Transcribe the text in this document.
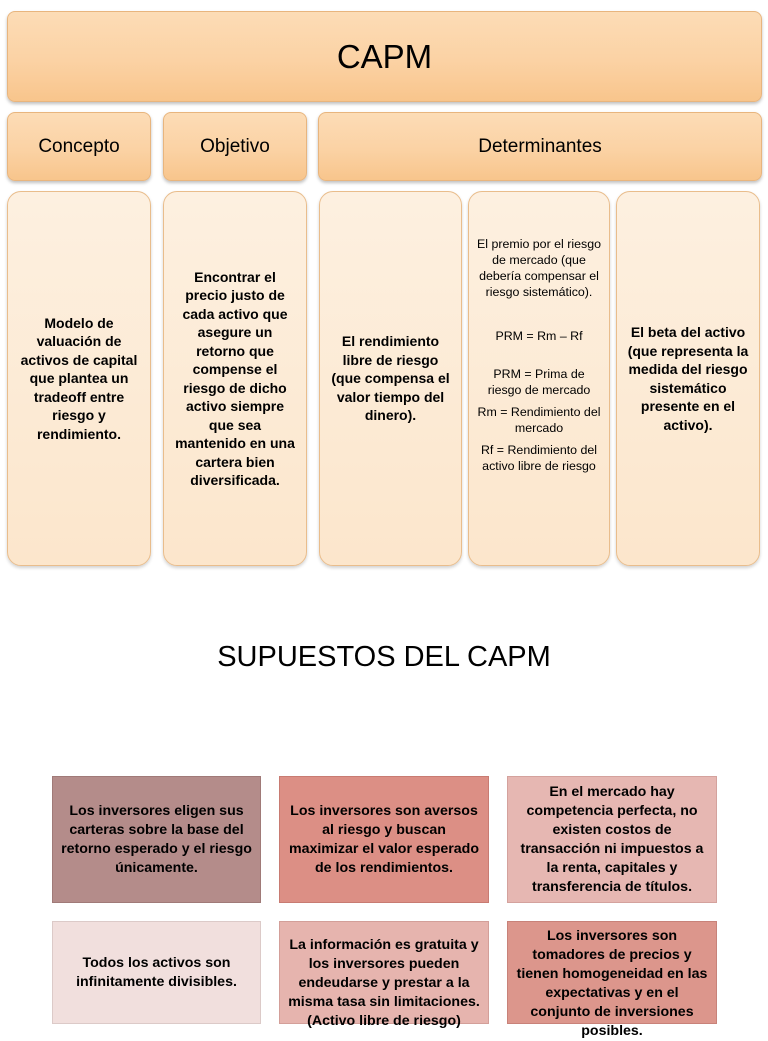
CAPM
Concepto	Objetivo	Determinantes
Modelo de valuación de activos de capital que plantea un tradeoff entre riesgo y rendimiento.
Encontrar el precio justo de cada activo que asegure un retorno que compense el riesgo de dicho activo siempre que sea mantenido en una cartera bien diversificada.
El rendimiento libre de riesgo (que compensa el valor tiempo del dinero).

El premio por el riesgo de mercado (que debería compensar el riesgo sistemático).

PRM = Rm – Rf

PRM = Prima de riesgo de mercado

Rm = Rendimiento del mercado

Rf = Rendimiento del activo libre de riesgo

El beta del activo (que representa la medida del riesgo sistemático presente en el activo).
SUPUESTOS DEL CAPM
Los inversores eligen sus carteras sobre la base del retorno esperado y el riesgo únicamente.
Los inversores son aversos al riesgo y buscan maximizar el valor esperado de los rendimientos.
En el mercado hay competencia perfecta, no existen costos de transacción ni impuestos a la renta, capitales y transferencia de títulos.
Todos los activos son infinitamente divisibles.
La información es gratuita y los inversores pueden endeudarse y prestar a la misma tasa sin limitaciones. (Activo libre de riesgo)
Los inversores son tomadores de precios y tienen homogeneidad en las expectativas y en el conjunto de inversiones posibles.
